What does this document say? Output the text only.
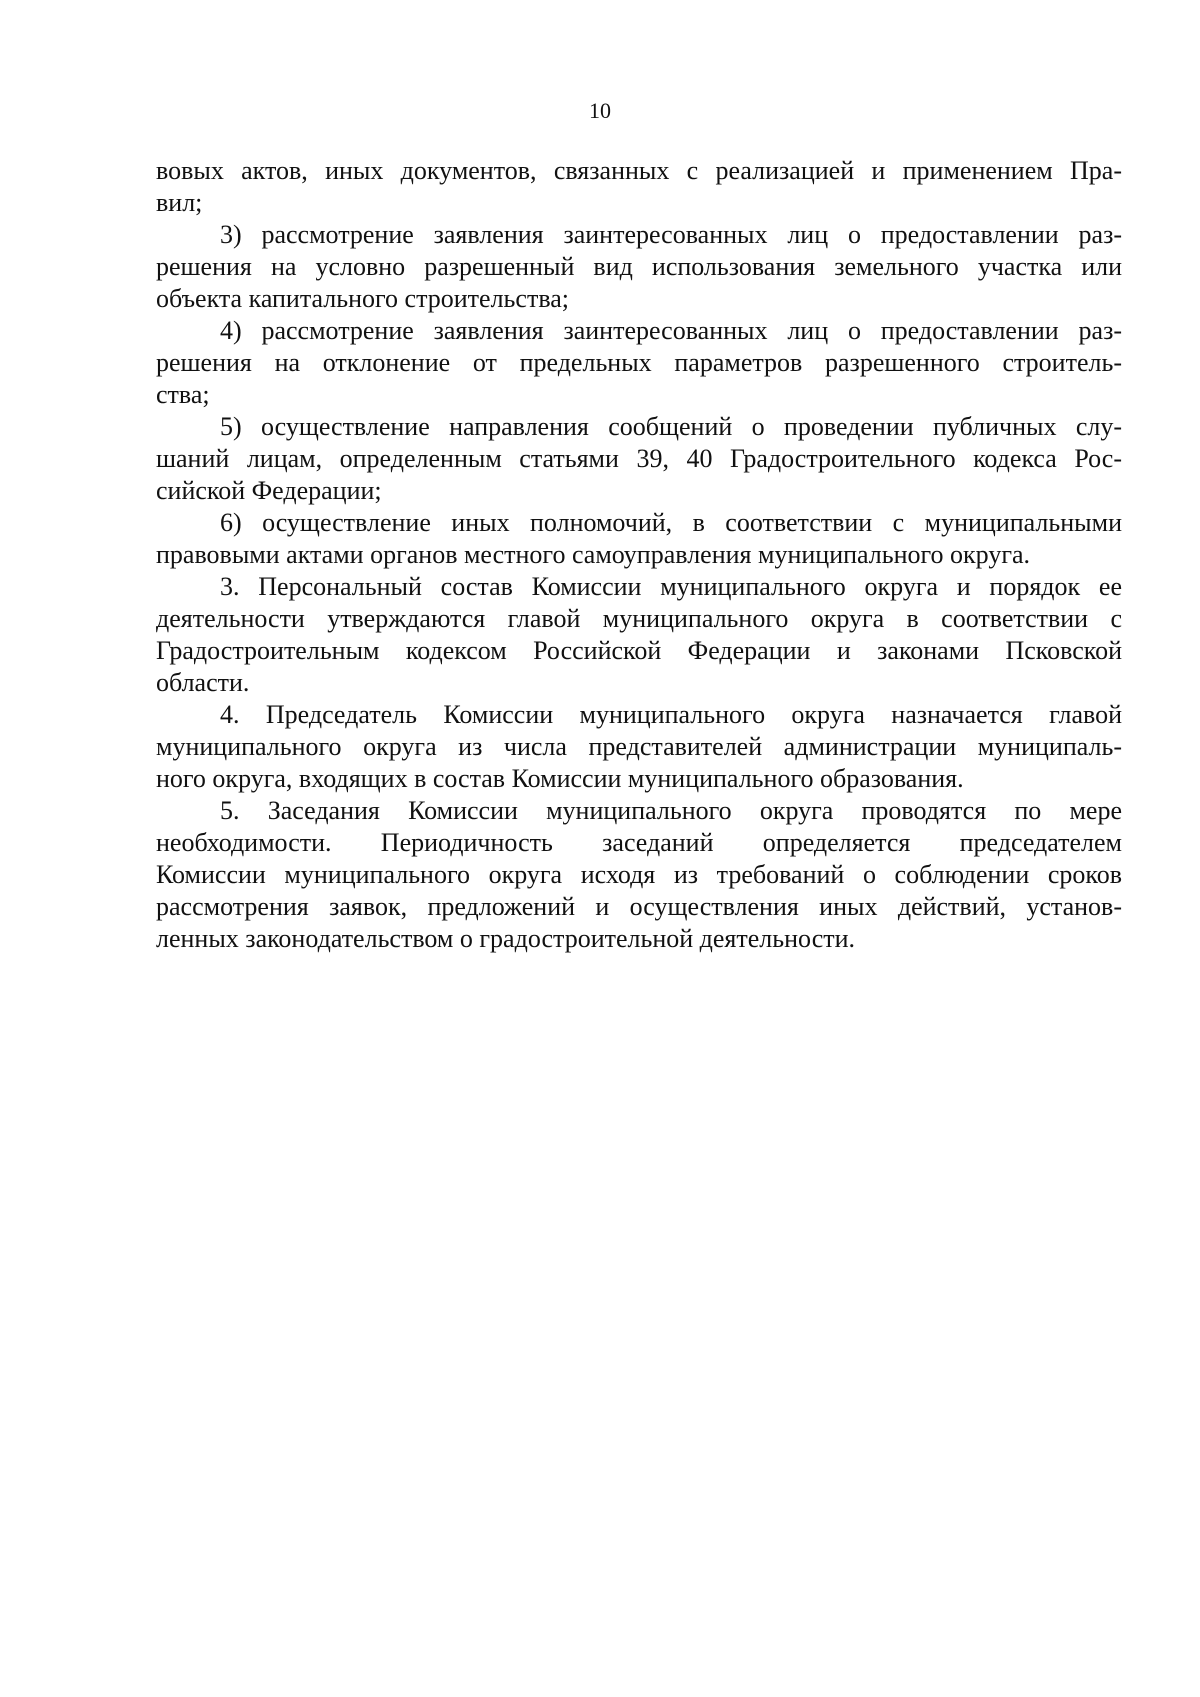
10
вовых актов, иных документов, связанных с реализацией и применением Пра-
вил;
3) рассмотрение заявления заинтересованных лиц о предоставлении раз-
решения на условно разрешенный вид использования земельного участка или
объекта капитального строительства;
4) рассмотрение заявления заинтересованных лиц о предоставлении раз-
решения на отклонение от предельных параметров разрешенного строитель-
ства;
5) осуществление направления сообщений о проведении публичных слу-
шаний лицам, определенным статьями 39, 40 Градостроительного кодекса Рос-
сийской Федерации;
6) осуществление иных полномочий, в соответствии с муниципальными
правовыми актами органов местного самоуправления муниципального округа.
3. Персональный состав Комиссии муниципального округа и порядок ее
деятельности утверждаются главой муниципального округа в соответствии с
Градостроительным кодексом Российской Федерации и законами Псковской
области.
4. Председатель Комиссии муниципального округа назначается главой
муниципального округа из числа представителей администрации муниципаль-
ного округа, входящих в состав Комиссии муниципального образования.
5. Заседания Комиссии муниципального округа проводятся по мере
необходимости. Периодичность заседаний определяется председателем
Комиссии муниципального округа исходя из требований о соблюдении сроков
рассмотрения заявок, предложений и осуществления иных действий, установ-
ленных законодательством о градостроительной деятельности.
